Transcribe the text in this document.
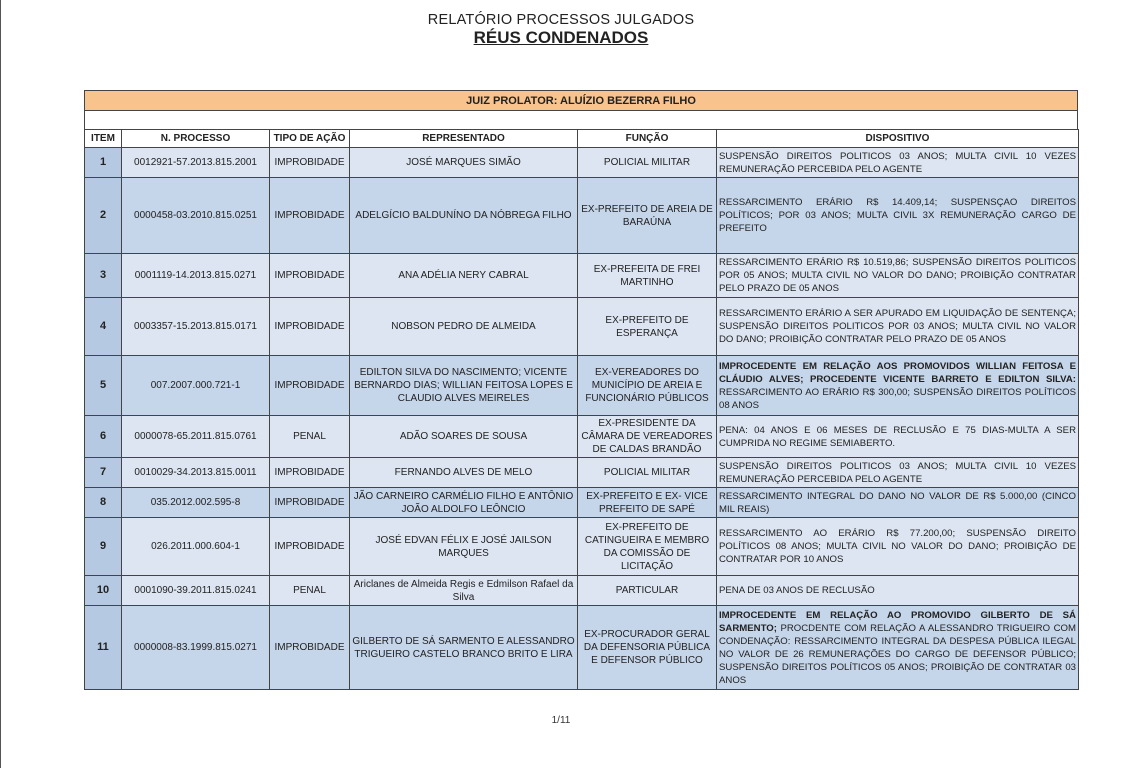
RELATÓRIO PROCESSOS JULGADOS
RÉUS CONDENADOS
JUIZ PROLATOR: ALUÍZIO BEZERRA FILHO
ITEM	N. PROCESSO	TIPO DE AÇÃO	REPRESENTADO	FUNÇÃO	DISPOSITIVO
1	0012921-57.2013.815.2001	IMPROBIDADE	JOSÉ MARQUES SIMÃO	POLICIAL MILITAR	SUSPENSÃO DIREITOS POLITICOS 03 ANOS; MULTA CIVIL 10 VEZES REMUNERAÇÃO PERCEBIDA PELO AGENTE
2	0000458-03.2010.815.0251	IMPROBIDADE	ADELGÍCIO BALDUNÍNO DA NÓBREGA FILHO	EX-PREFEITO DE AREIA DE BARAÚNA	RESSARCIMENTO ERÁRIO R$ 14.409,14; SUSPENSÇAO DIREITOS POLÍTICOS; POR 03 ANOS; MULTA CIVIL 3X REMUNERAÇÃO CARGO DE PREFEITO
3	0001119-14.2013.815.0271	IMPROBIDADE	ANA ADÉLIA NERY CABRAL	EX-PREFEITA DE FREI MARTINHO	RESSARCIMENTO ERÁRIO R$ 10.519,86; SUSPENSÃO DIREITOS POLITICOS POR 05 ANOS; MULTA CIVIL NO VALOR DO DANO; PROIBIÇÃO CONTRATAR PELO PRAZO DE 05 ANOS
4	0003357-15.2013.815.0171	IMPROBIDADE	NOBSON PEDRO DE ALMEIDA	EX-PREFEITO DE ESPERANÇA	RESSARCIMENTO ERÁRIO A SER APURADO EM LIQUIDAÇÃO DE SENTENÇA; SUSPENSÃO DIREITOS POLITICOS POR 03 ANOS; MULTA CIVIL NO VALOR DO DANO; PROIBIÇÃO CONTRATAR PELO PRAZO DE 05 ANOS
5	007.2007.000.721-1	IMPROBIDADE	EDILTON SILVA DO NASCIMENTO; VICENTE BERNARDO DIAS; WILLIAN FEITOSA LOPES E CLAUDIO ALVES MEIRELES	EX-VEREADORES DO MUNICÍPIO DE AREIA E FUNCIONÁRIO PÚBLICOS	IMPROCEDENTE EM RELAÇÃO AOS PROMOVIDOS WILLIAN FEITOSA E CLÁUDIO ALVES; PROCEDENTE VICENTE BARRETO E EDILTON SILVA: RESSARCIMENTO AO ERÁRIO R$ 300,00; SUSPENSÃO DIREITOS POLÍTICOS 08 ANOS
6	0000078-65.2011.815.0761	PENAL	ADÃO SOARES DE SOUSA	EX-PRESIDENTE DA CÂMARA DE VEREADORES DE CALDAS BRANDÃO	PENA: 04 ANOS E 06 MESES DE RECLUSÃO E 75 DIAS-MULTA A SER CUMPRIDA NO REGIME SEMIABERTO.
7	0010029-34.2013.815.0011	IMPROBIDADE	FERNANDO ALVES DE MELO	POLICIAL MILITAR	SUSPENSÃO DIREITOS POLITICOS 03 ANOS; MULTA CIVIL 10 VEZES REMUNERAÇÃO PERCEBIDA PELO AGENTE
8	035.2012.002.595-8	IMPROBIDADE	JÃO CARNEIRO CARMÉLIO FILHO E ANTÔNIO JOÃO ALDOLFO LEÔNCIO	EX-PREFEITO E EX- VICE PREFEITO DE SAPÉ	RESSARCIMENTO INTEGRAL DO DANO NO VALOR DE R$ 5.000,00 (CINCO MIL REAIS)
9	026.2011.000.604-1	IMPROBIDADE	JOSÉ EDVAN FÉLIX E JOSÉ JAILSON MARQUES	EX-PREFEITO DE CATINGUEIRA E MEMBRO DA COMISSÃO DE LICITAÇÃO	RESSARCIMENTO AO ERÁRIO R$ 77.200,00; SUSPENSÃO DIREITO POLÍTICOS 08 ANOS; MULTA CIVIL NO VALOR DO DANO; PROIBIÇÃO DE CONTRATAR POR 10 ANOS
10	0001090-39.2011.815.0241	PENAL	Ariclanes de Almeida Regis e Edmilson Rafael da Silva	PARTICULAR	PENA DE 03 ANOS DE RECLUSÃO
11	0000008-83.1999.815.0271	IMPROBIDADE	GILBERTO DE SÁ SARMENTO E ALESSANDRO TRIGUEIRO CASTELO BRANCO BRITO E LIRA	EX-PROCURADOR GERAL DA DEFENSORIA PÚBLICA E DEFENSOR PÚBLICO	IMPROCEDENTE EM RELAÇÃO AO PROMOVIDO GILBERTO DE SÁ SARMENTO; PROCDENTE COM RELAÇÃO A ALESSANDRO TRIGUEIRO COM CONDENAÇÃO: RESSARCIMENTO INTEGRAL DA DESPESA PÚBLICA ILEGAL NO VALOR DE 26 REMUNERAÇÕES DO CARGO DE DEFENSOR PÚBLICO; SUSPENSÃO DIREITOS POLÍTICOS 05 ANOS; PROIBIÇÃO DE CONTRATAR 03 ANOS
1/11
